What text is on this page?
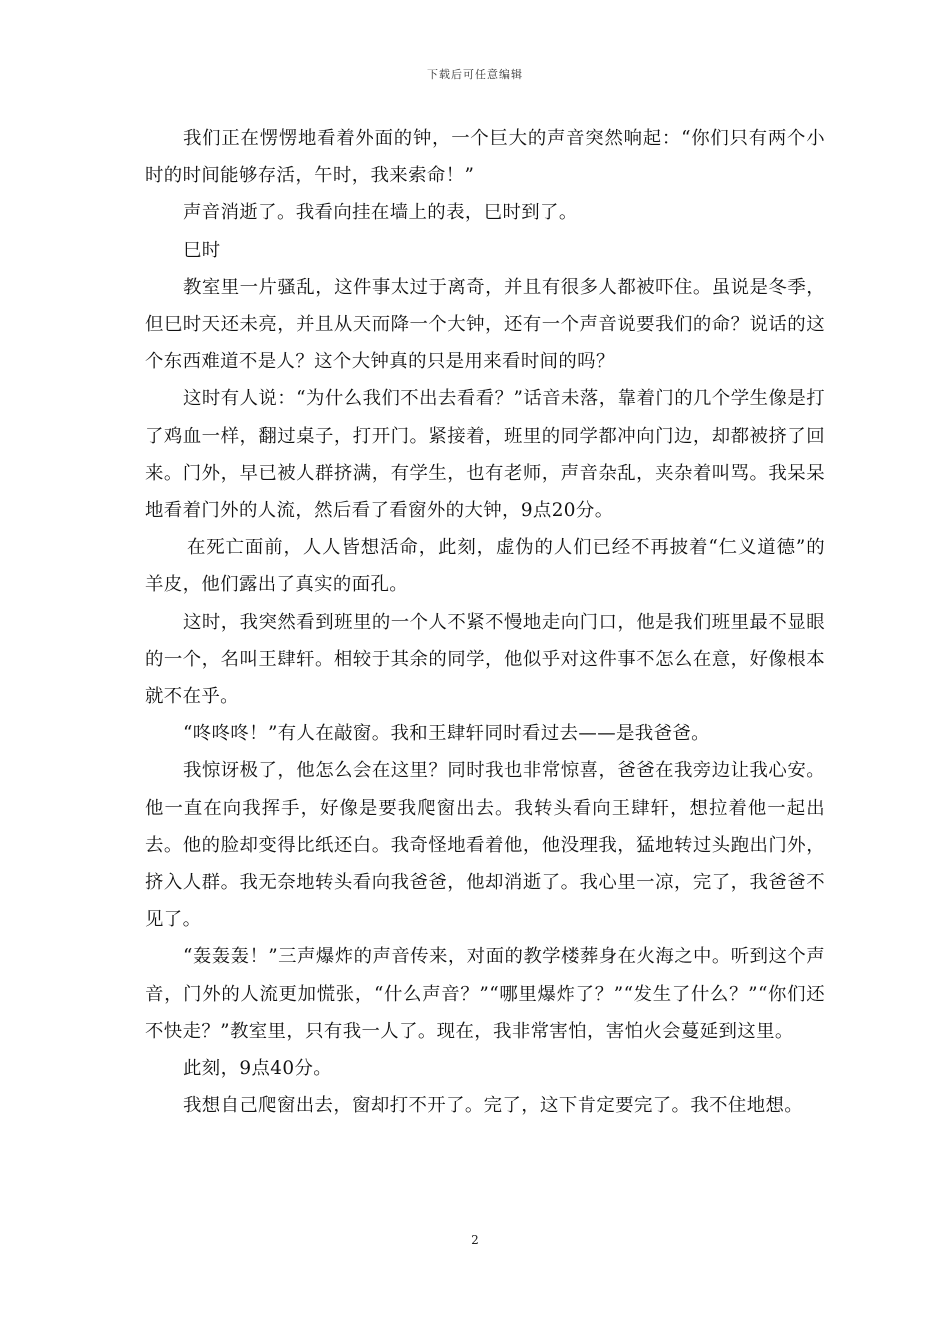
下载后可任意编辑

我们正在愣愣地看着外面的钟，一个巨大的声音突然响起：“你们只有两个小时的时间能够存活，午时，我来索命！”

声音消逝了。我看向挂在墙上的表，巳时到了。

巳时

教室里一片骚乱，这件事太过于离奇，并且有很多人都被吓住。虽说是冬季，但巳时天还未亮，并且从天而降一个大钟，还有一个声音说要我们的命？说话的这个东西难道不是人？这个大钟真的只是用来看时间的吗？

这时有人说：“为什么我们不出去看看？”话音未落，靠着门的几个学生像是打了鸡血一样，翻过桌子，打开门。紧接着，班里的同学都冲向门边，却都被挤了回来。门外，早已被人群挤满，有学生，也有老师，声音杂乱，夹杂着叫骂。我呆呆地看着门外的人流，然后看了看窗外的大钟，9点20分。

在死亡面前，人人皆想活命，此刻，虚伪的人们已经不再披着“仁义道德”的羊皮，他们露出了真实的面孔。

这时，我突然看到班里的一个人不紧不慢地走向门口，他是我们班里最不显眼的一个，名叫王肆轩。相较于其余的同学，他似乎对这件事不怎么在意，好像根本就不在乎。

“咚咚咚！”有人在敲窗。我和王肆轩同时看过去——是我爸爸。

我惊讶极了，他怎么会在这里？同时我也非常惊喜，爸爸在我旁边让我心安。他一直在向我挥手，好像是要我爬窗出去。我转头看向王肆轩，想拉着他一起出去。他的脸却变得比纸还白。我奇怪地看着他，他没理我，猛地转过头跑出门外，挤入人群。我无奈地转头看向我爸爸，他却消逝了。我心里一凉，完了，我爸爸不见了。

“轰轰轰！”三声爆炸的声音传来，对面的教学楼葬身在火海之中。听到这个声音，门外的人流更加慌张，“什么声音？”“哪里爆炸了？”“发生了什么？”“你们还不快走？”教室里，只有我一人了。现在，我非常害怕，害怕火会蔓延到这里。

此刻，9点40分。

我想自己爬窗出去，窗却打不开了。完了，这下肯定要完了。我不住地想。

2
